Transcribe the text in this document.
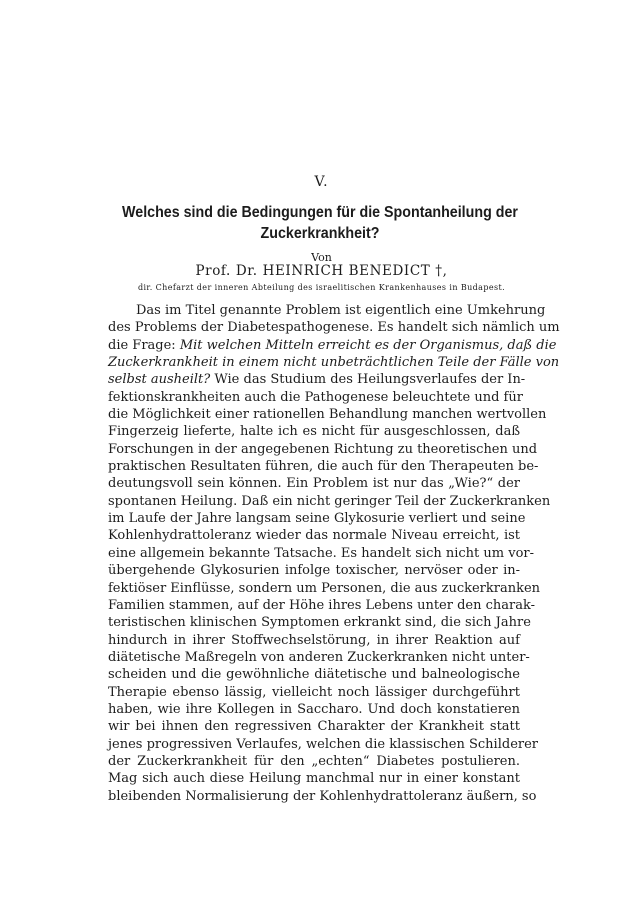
V.
Welches sind die Bedingungen für die Spontanheilung der
Zuckerkrankheit?
Von
Prof. Dr. HEINRICH BENEDICT †,
dir. Chefarzt der inneren Abteilung des israelitischen Krankenhauses in Budapest.
Das im Titel genannte Problem ist eigentlich eine Umkehrung
des Problems der Diabetespathogenese. Es handelt sich nämlich um
die Frage: Mit welchen Mitteln erreicht es der Organismus, daß die
Zuckerkrankheit in einem nicht unbeträchtlichen Teile der Fälle von
selbst ausheilt? Wie das Studium des Heilungsverlaufes der In-
fektionskrankheiten auch die Pathogenese beleuchtete und für
die Möglichkeit einer rationellen Behandlung manchen wertvollen
Fingerzeig lieferte, halte ich es nicht für ausgeschlossen, daß
Forschungen in der angegebenen Richtung zu theoretischen und
praktischen Resultaten führen, die auch für den Therapeuten be-
deutungsvoll sein können. Ein Problem ist nur das „Wie?“ der
spontanen Heilung. Daß ein nicht geringer Teil der Zuckerkranken
im Laufe der Jahre langsam seine Glykosurie verliert und seine
Kohlenhydrattoleranz wieder das normale Niveau erreicht, ist
eine allgemein bekannte Tatsache. Es handelt sich nicht um vor-
übergehende Glykosurien infolge toxischer, nervöser oder in-
fektiöser Einflüsse, sondern um Personen, die aus zuckerkranken
Familien stammen, auf der Höhe ihres Lebens unter den charak-
teristischen klinischen Symptomen erkrankt sind, die sich Jahre
hindurch in ihrer Stoffwechselstörung, in ihrer Reaktion auf
diätetische Maßregeln von anderen Zuckerkranken nicht unter-
scheiden und die gewöhnliche diätetische und balneologische
Therapie ebenso lässig, vielleicht noch lässiger durchgeführt
haben, wie ihre Kollegen in Saccharo. Und doch konstatieren
wir bei ihnen den regressiven Charakter der Krankheit statt
jenes progressiven Verlaufes, welchen die klassischen Schilderer
der Zuckerkrankheit für den „echten“ Diabetes postulieren.
Mag sich auch diese Heilung manchmal nur in einer konstant
bleibenden Normalisierung der Kohlenhydrattoleranz äußern, so
